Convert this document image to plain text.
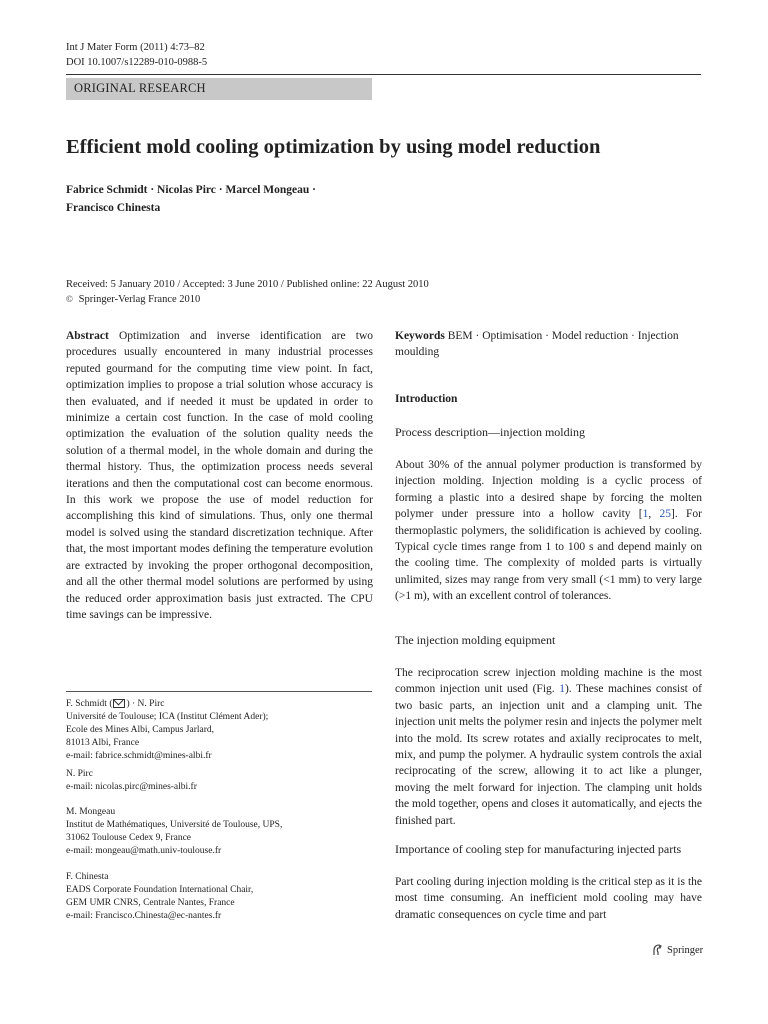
Int J Mater Form (2011) 4:73–82
DOI 10.1007/s12289-010-0988-5
ORIGINAL RESEARCH
Efficient mold cooling optimization by using model reduction
Fabrice Schmidt · Nicolas Pirc · Marcel Mongeau ·
Francisco Chinesta
Received: 5 January 2010 / Accepted: 3 June 2010 / Published online: 22 August 2010
© Springer-Verlag France 2010
Abstract Optimization and inverse identification are two procedures usually encountered in many industrial processes reputed gourmand for the computing time view point. In fact, optimization implies to propose a trial solution whose accuracy is then evaluated, and if needed it must be updated in order to minimize a certain cost function. In the case of mold cooling optimization the evaluation of the solution quality needs the solution of a thermal model, in the whole domain and during the thermal history. Thus, the optimization process needs several iterations and then the computational cost can become enormous. In this work we propose the use of model reduction for accomplishing this kind of simulations. Thus, only one thermal model is solved using the standard discretization technique. After that, the most important modes defining the temperature evolution are extracted by invoking the proper orthogonal decomposition, and all the other thermal model solutions are performed by using the reduced order approximation basis just extracted. The CPU time savings can be impressive.
F. Schmidt ( ) · N. Pirc
Université de Toulouse; ICA (Institut Clément Ader);
Ecole des Mines Albi, Campus Jarlard,
81013 Albi, France
e-mail: fabrice.schmidt@mines-albi.fr
N. Pirc
e-mail: nicolas.pirc@mines-albi.fr
M. Mongeau
Institut de Mathématiques, Université de Toulouse, UPS,
31062 Toulouse Cedex 9, France
e-mail: mongeau@math.univ-toulouse.fr
F. Chinesta
EADS Corporate Foundation International Chair,
GEM UMR CNRS, Centrale Nantes, France
e-mail: Francisco.Chinesta@ec-nantes.fr
Keywords BEM · Optimisation · Model reduction · Injection moulding
Introduction
Process description—injection molding
About 30% of the annual polymer production is transformed by injection molding. Injection molding is a cyclic process of forming a plastic into a desired shape by forcing the molten polymer under pressure into a hollow cavity [1, 25]. For thermoplastic polymers, the solidification is achieved by cooling. Typical cycle times range from 1 to 100 s and depend mainly on the cooling time. The complexity of molded parts is virtually unlimited, sizes may range from very small (<1 mm) to very large (>1 m), with an excellent control of tolerances.
The injection molding equipment
The reciprocation screw injection molding machine is the most common injection unit used (Fig. 1). These machines consist of two basic parts, an injection unit and a clamping unit. The injection unit melts the polymer resin and injects the polymer melt into the mold. Its screw rotates and axially reciprocates to melt, mix, and pump the polymer. A hydraulic system controls the axial reciprocating of the screw, allowing it to act like a plunger, moving the melt forward for injection. The clamping unit holds the mold together, opens and closes it automatically, and ejects the finished part.
Importance of cooling step for manufacturing injected parts
Part cooling during injection molding is the critical step as it is the most time consuming. An inefficient mold cooling may have dramatic consequences on cycle time and part
Springer
